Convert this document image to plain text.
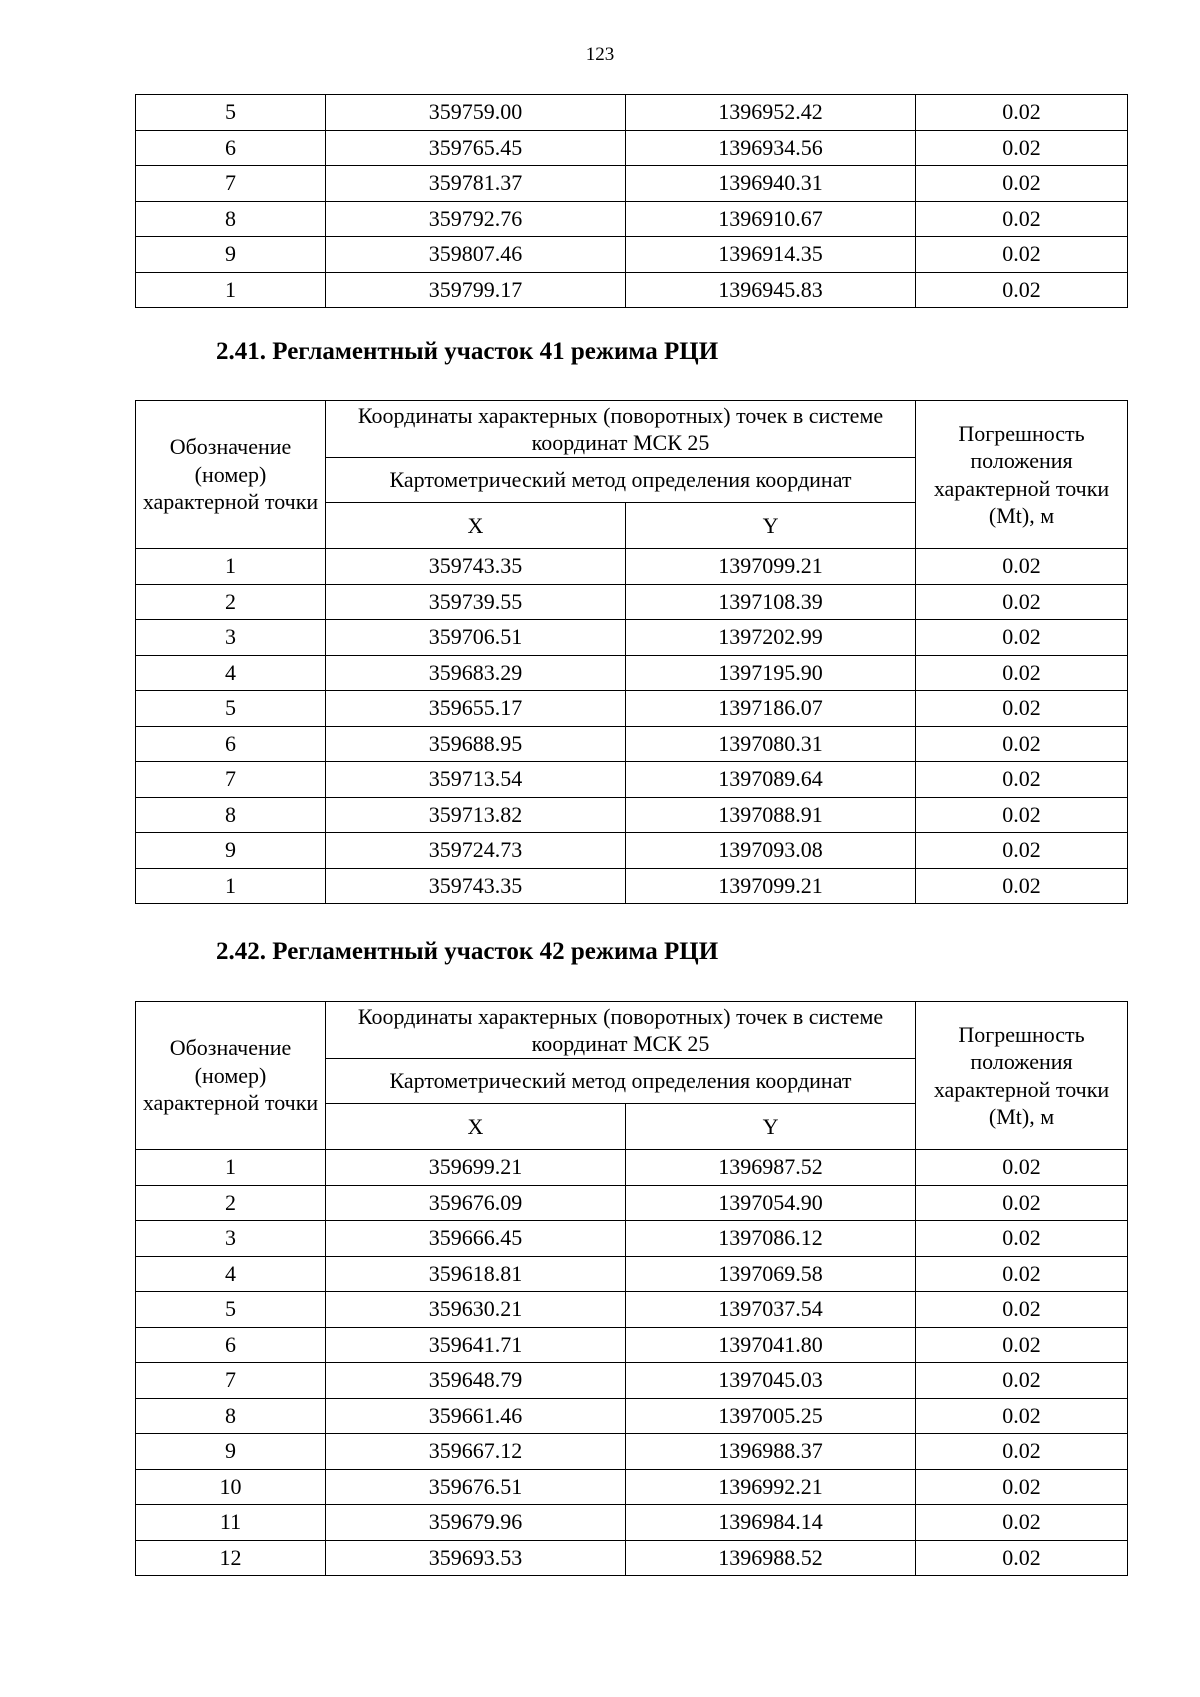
123
5	359759.00	1396952.42	0.02
6	359765.45	1396934.56	0.02
7	359781.37	1396940.31	0.02
8	359792.76	1396910.67	0.02
9	359807.46	1396914.35	0.02
1	359799.17	1396945.83	0.02
2.41. Регламентный участок 41 режима РЦИ
Обозначение (номер) характерной точки	Координаты характерных (поворотных) точек в системе координат МСК 25		Погрешность положения характерной точки (Mt), м
	Картометрический метод определения координат		
	X	Y	
1	359743.35	1397099.21	0.02
2	359739.55	1397108.39	0.02
3	359706.51	1397202.99	0.02
4	359683.29	1397195.90	0.02
5	359655.17	1397186.07	0.02
6	359688.95	1397080.31	0.02
7	359713.54	1397089.64	0.02
8	359713.82	1397088.91	0.02
9	359724.73	1397093.08	0.02
1	359743.35	1397099.21	0.02
2.42. Регламентный участок 42 режима РЦИ
Обозначение (номер) характерной точки	Координаты характерных (поворотных) точек в системе координат МСК 25		Погрешность положения характерной точки (Mt), м
	Картометрический метод определения координат		
	X	Y	
1	359699.21	1396987.52	0.02
2	359676.09	1397054.90	0.02
3	359666.45	1397086.12	0.02
4	359618.81	1397069.58	0.02
5	359630.21	1397037.54	0.02
6	359641.71	1397041.80	0.02
7	359648.79	1397045.03	0.02
8	359661.46	1397005.25	0.02
9	359667.12	1396988.37	0.02
10	359676.51	1396992.21	0.02
11	359679.96	1396984.14	0.02
12	359693.53	1396988.52	0.02
